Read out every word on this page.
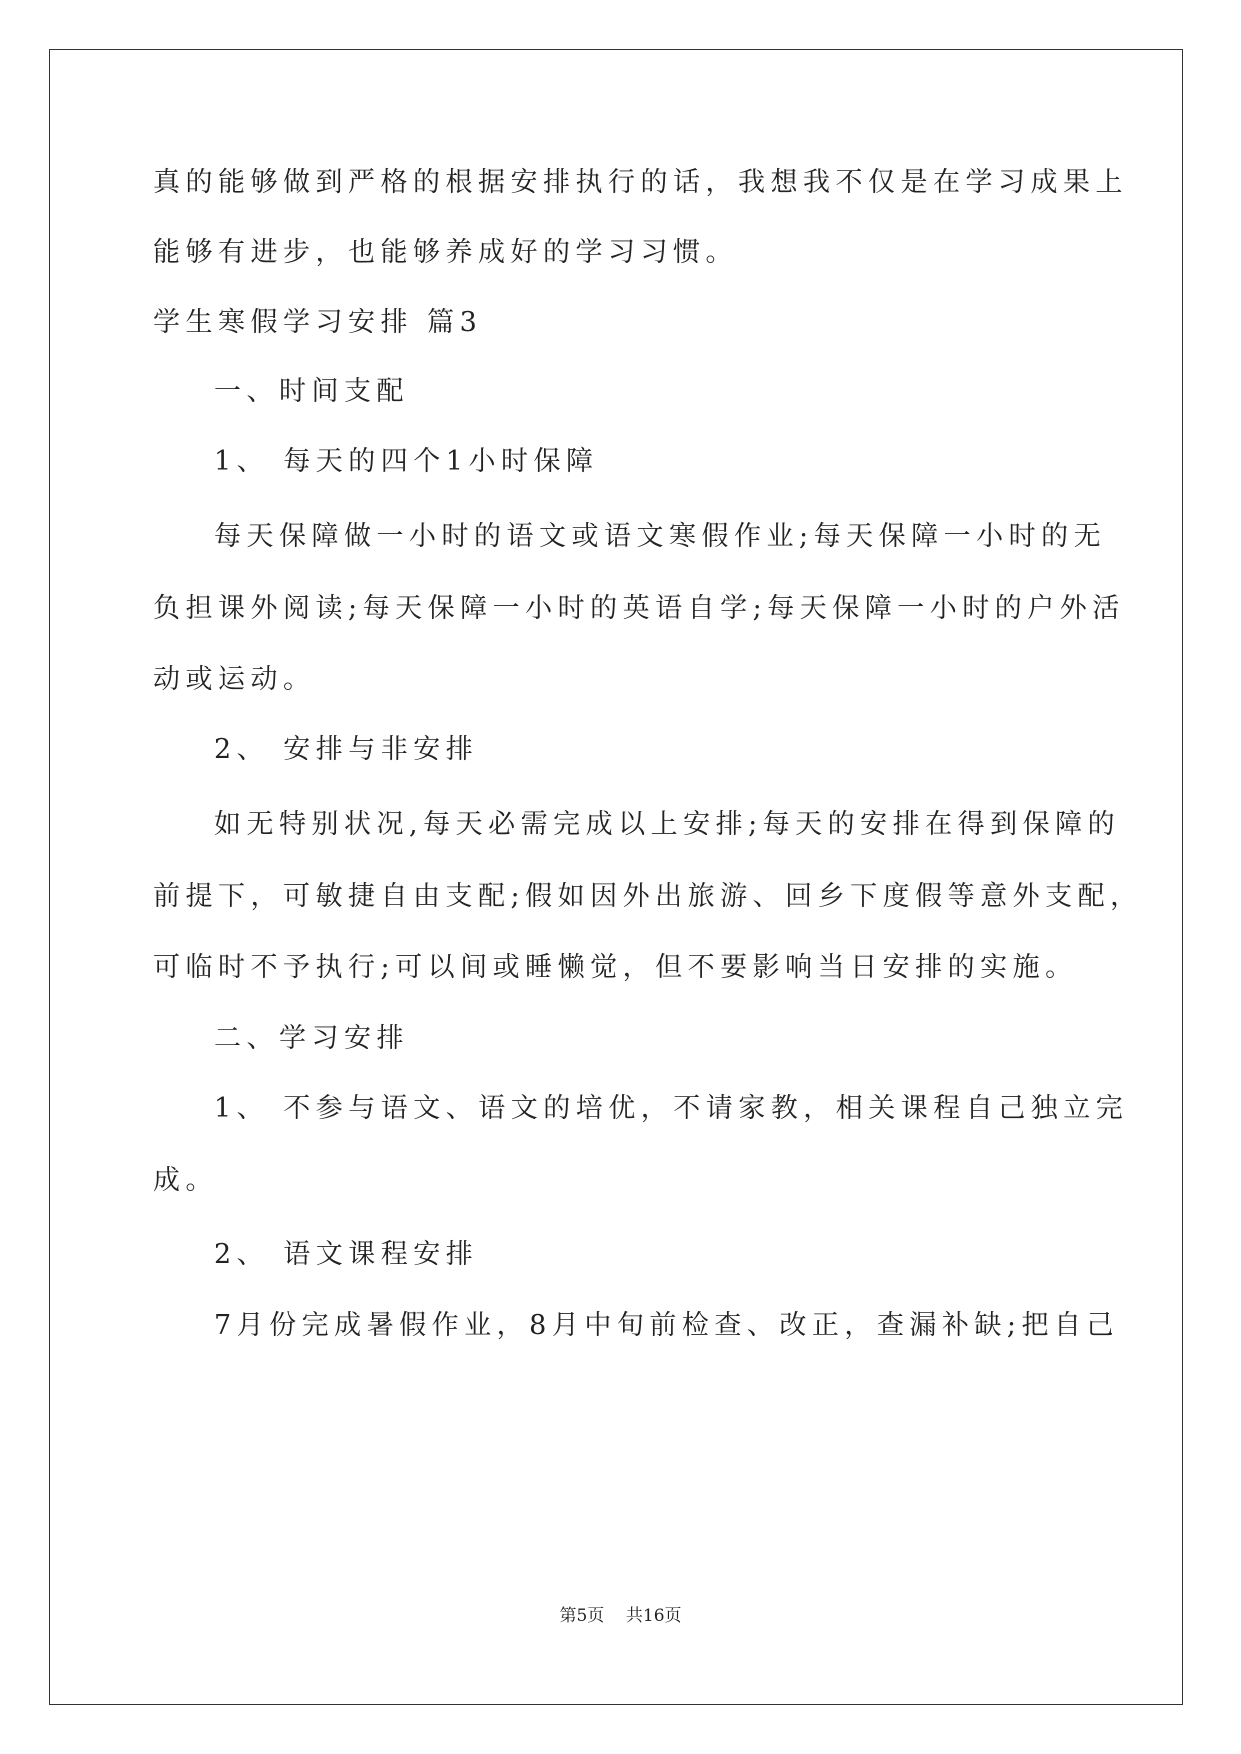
真的能够做到严格的根据安排执行的话，我想我不仅是在学习成果上
能够有进步，也能够养成好的学习习惯。
学生寒假学习安排 篇3
一、时间支配
1、 每天的四个1小时保障
每天保障做一小时的语文或语文寒假作业;每天保障一小时的无
负担课外阅读;每天保障一小时的英语自学;每天保障一小时的户外活
动或运动。
2、 安排与非安排
如无特别状况,每天必需完成以上安排;每天的安排在得到保障的
前提下，可敏捷自由支配;假如因外出旅游、回乡下度假等意外支配，
可临时不予执行;可以间或睡懒觉，但不要影响当日安排的实施。
二、学习安排
1、 不参与语文、语文的培优，不请家教，相关课程自己独立完
成。
2、 语文课程安排
7月份完成暑假作业，8月中旬前检查、改正，查漏补缺;把自己
第5页 共16页
